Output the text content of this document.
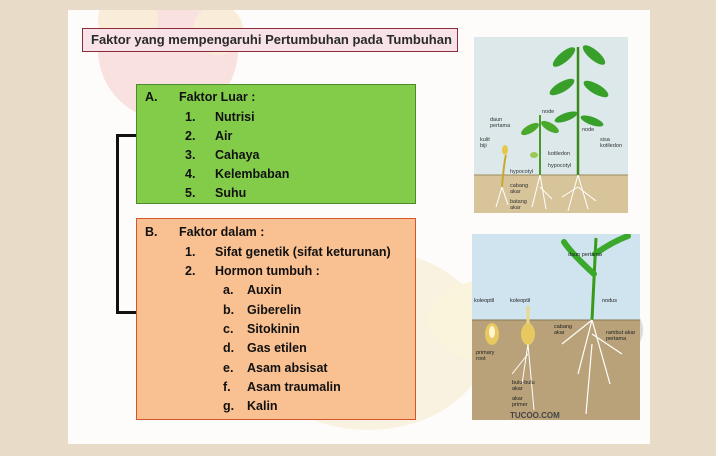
Faktor yang mempengaruhi Pertumbuhan pada Tumbuhan
A. Faktor Luar :
1. Nutrisi
2. Air
3. Cahaya
4. Kelembaban
5. Suhu
B. Faktor dalam :
1. Sifat genetik (sifat keturunan)
2. Hormon tumbuh :
a. Auxin
b. Giberelin
c. Sitokinin
d. Gas etilen
e. Asam absisat
f. Asam traumalin
g. Kalin
node
daun
pertama
node
kulit
biji
sisa
kotiledon
kotiledon
hypocotyl
hypocotyl
cabang
akar
batang
akar
daun pertama
koleoptil	koleoptil	nodus
cabang
akar	rambut akar
pertama
primary
root
bulu-bulu
akar
akar
primer
TUCOO.COM
